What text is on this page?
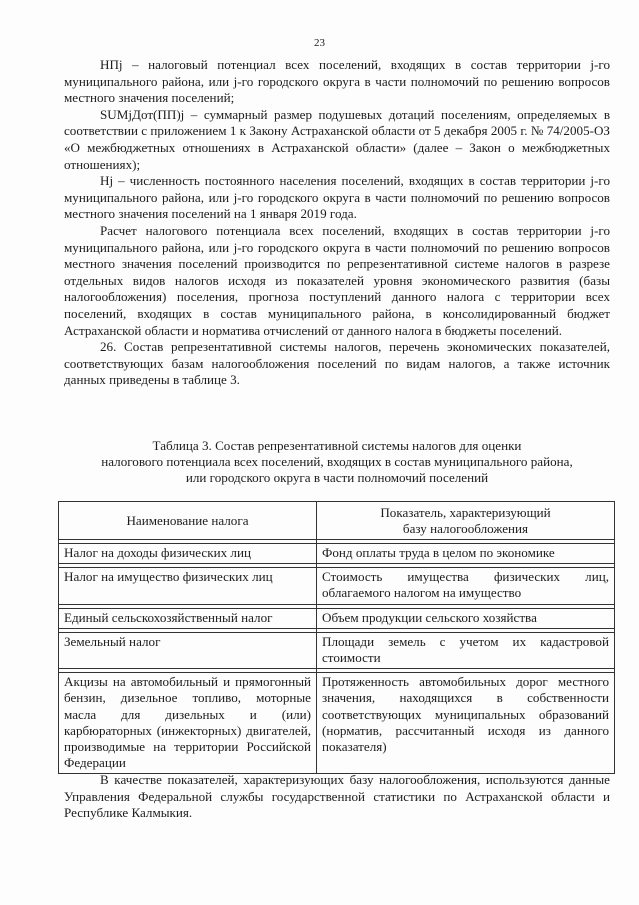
23

НПj – налоговый потенциал всех поселений, входящих в состав территории j-го муниципального района, или j-го городского округа в части полномочий по решению вопросов местного значения поселений;

SUMjДот(ПП)j – суммарный размер подушевых дотаций поселениям, определяемых в соответствии с приложением 1 к Закону Астраханской области от 5 декабря 2005 г. № 74/2005-ОЗ «О межбюджетных отношениях в Астраханской области» (далее – Закон о межбюджетных отношениях);

Hj – численность постоянного населения поселений, входящих в состав территории j-го муниципального района, или j-го городского округа в части полномочий по решению вопросов местного значения поселений на 1 января 2019 года.

Расчет налогового потенциала всех поселений, входящих в состав территории j-го муниципального района, или j-го городского округа в части полномочий по решению вопросов местного значения поселений производится по репрезентативной системе налогов в разрезе отдельных видов налогов исходя из показателей уровня экономического развития (базы налогообложения) поселения, прогноза поступлений данного налога с территории всех поселений, входящих в состав муниципального района, в консолидированный бюджет Астраханской области и норматива отчислений от данного налога в бюджеты поселений.

26. Состав репрезентативной системы налогов, перечень экономических показателей, соответствующих базам налогообложения поселений по видам налогов, а также источник данных приведены в таблице 3.

Таблица 3. Состав репрезентативной системы налогов для оценки
налогового потенциала всех поселений, входящих в состав муниципального района,
или городского округа в части полномочий поселений
Наименование налога	Показатель, характеризующий
базу налогообложения

Налог на доходы физических лиц	Фонд оплаты труда в целом по экономике

Налог на имущество физических лиц	Стоимость имущества физических лиц, облагаемого налогом на имущество

Единый сельскохозяйственный налог	Объем продукции сельского хозяйства

Земельный налог	Площади земель с учетом их кадастровой стоимости

Акцизы на автомобильный и прямогонный бензин, дизельное топливо, моторные масла для дизельных и (или) карбюраторных (инжекторных) двигателей, производимые на территории Российской Федерации	Протяженность автомобильных дорог местного значения, находящихся в собственности соответствующих муниципальных образований (норматив, рассчитанный исходя из данного показателя)

В качестве показателей, характеризующих базу налогообложения, используются данные Управления Федеральной службы государственной статистики по Астраханской области и Республике Калмыкия.
